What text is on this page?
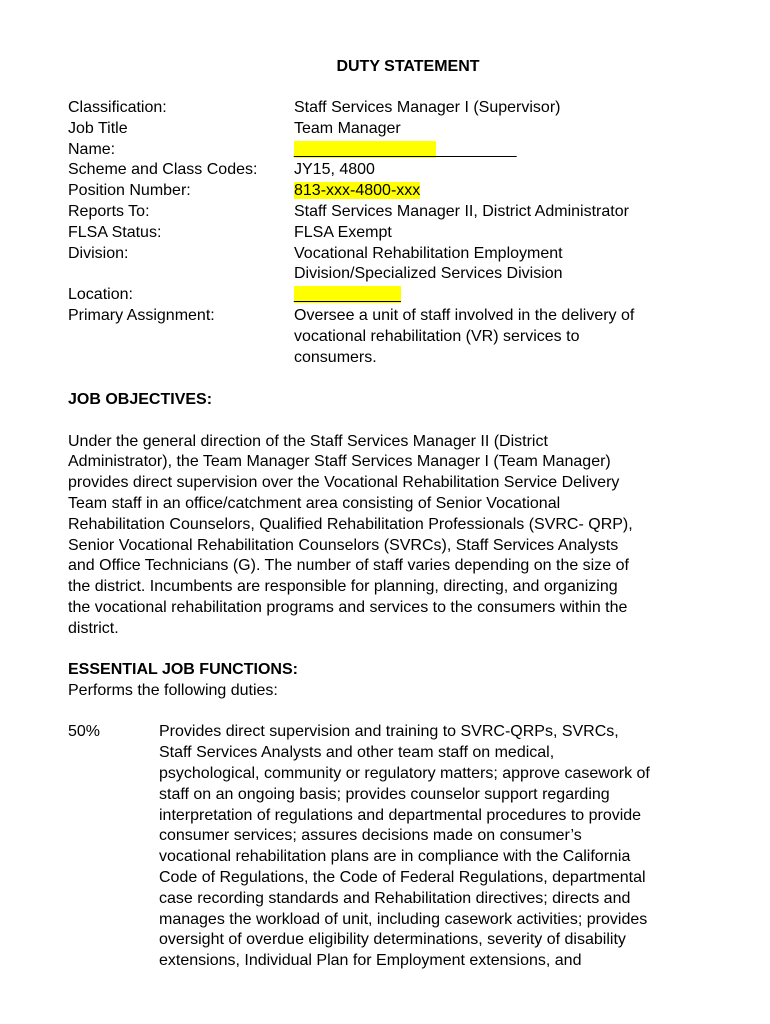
DUTY STATEMENT
Classification:	Staff Services Manager I (Supervisor)
Job Title	Team Manager
Name:	_________________________
Scheme and Class Codes:	JY15, 4800
Position Number:	813-xxx-4800-xxx
Reports To:	Staff Services Manager II, District Administrator
FLSA Status:	FLSA Exempt
Division:	Vocational Rehabilitation Employment
Division/Specialized Services Division
Location:	____________
Primary Assignment:	Oversee a unit of staff involved in the delivery of
vocational rehabilitation (VR) services to
consumers.
JOB OBJECTIVES:
Under the general direction of the Staff Services Manager II (District
Administrator), the Team Manager Staff Services Manager I (Team Manager)
provides direct supervision over the Vocational Rehabilitation Service Delivery
Team staff in an office/catchment area consisting of Senior Vocational
Rehabilitation Counselors, Qualified Rehabilitation Professionals (SVRC- QRP),
Senior Vocational Rehabilitation Counselors (SVRCs), Staff Services Analysts
and Office Technicians (G). The number of staff varies depending on the size of
the district. Incumbents are responsible for planning, directing, and organizing
the vocational rehabilitation programs and services to the consumers within the
district.
ESSENTIAL JOB FUNCTIONS:
Performs the following duties:
50%	Provides direct supervision and training to SVRC-QRPs, SVRCs,
Staff Services Analysts and other team staff on medical,
psychological, community or regulatory matters; approve casework of
staff on an ongoing basis; provides counselor support regarding
interpretation of regulations and departmental procedures to provide
consumer services; assures decisions made on consumer’s
vocational rehabilitation plans are in compliance with the California
Code of Regulations, the Code of Federal Regulations, departmental
case recording standards and Rehabilitation directives; directs and
manages the workload of unit, including casework activities; provides
oversight of overdue eligibility determinations, severity of disability
extensions, Individual Plan for Employment extensions, and
